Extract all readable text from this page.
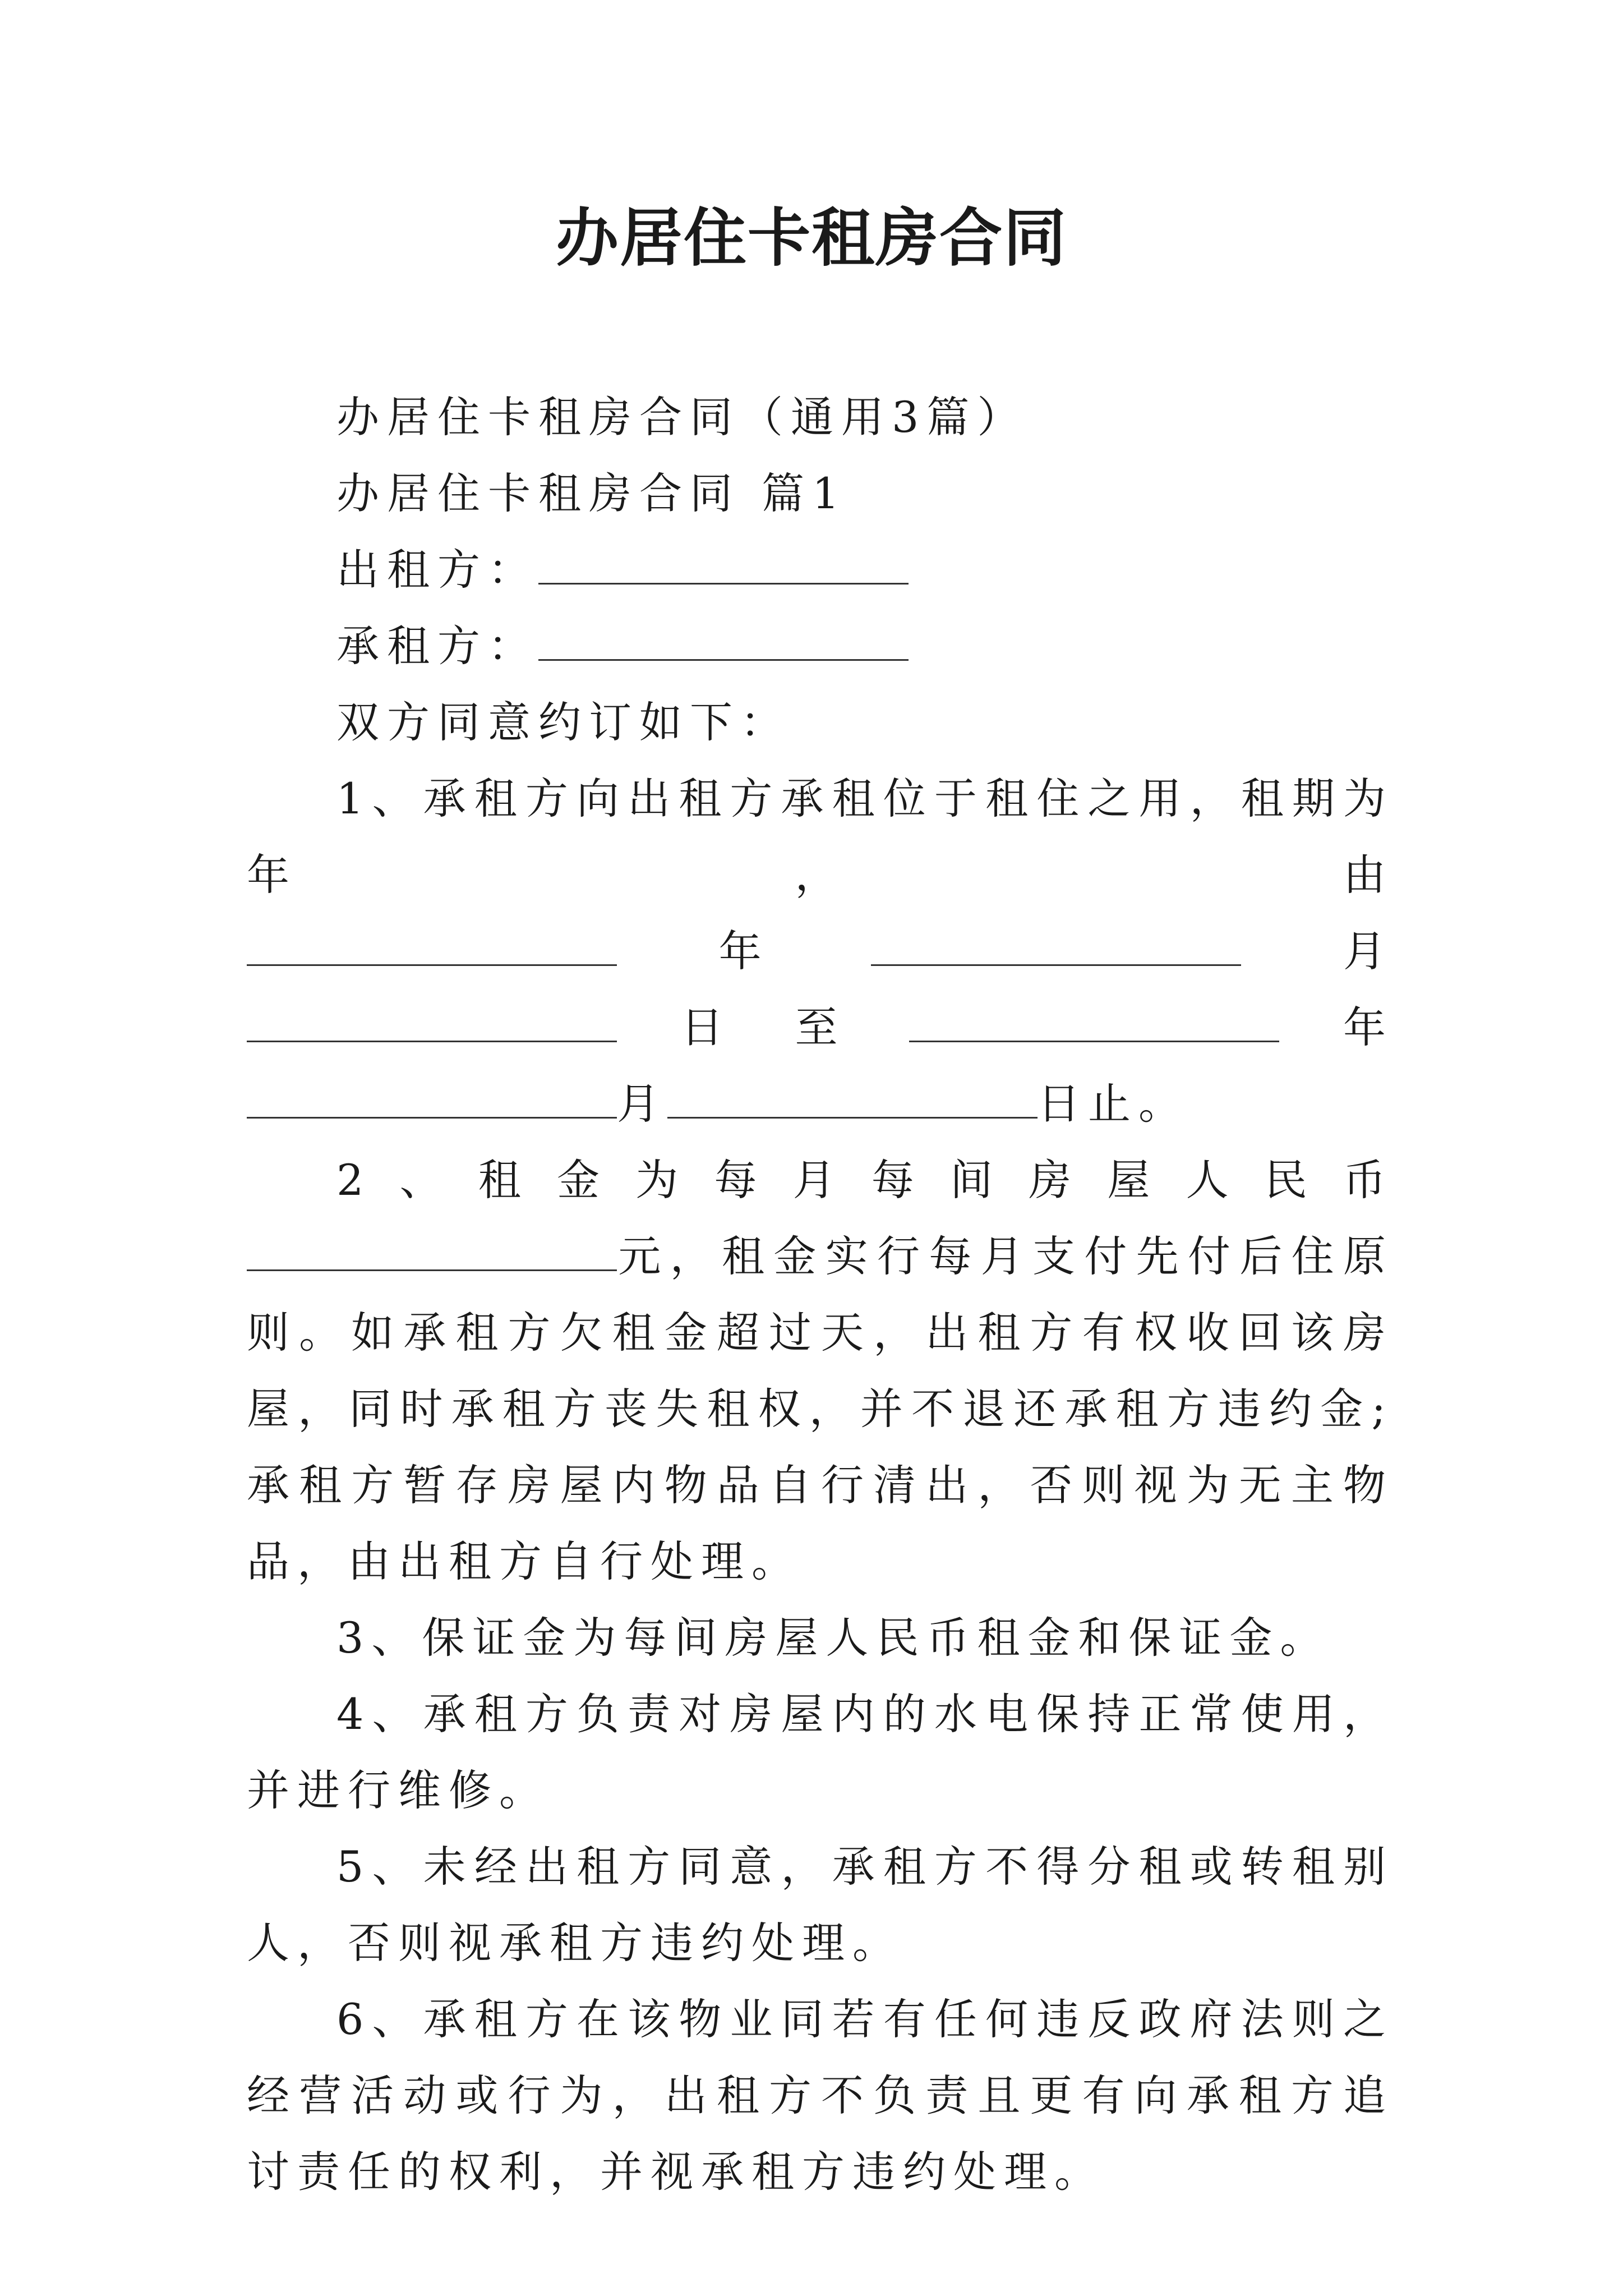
办居住卡租房合同

办居住卡租房合同（通用3篇）

办居住卡租房合同 篇1

出租方：

承租方：

双方同意约订如下：

1、承租方向出租方承租位于租住之用，租期为年，由

年	月
日 至	年

月	日止。

2、租金为每月每间房屋人民币元，租金实行每月支付先付后住原则。如承租方欠租金超过天，出租方有权收回该房屋，同时承租方丧失租权，并不退还承租方违约金;承租方暂存房屋内物品自行清出，否则视为无主物品，由出租方自行处理。

3、保证金为每间房屋人民币租金和保证金。

4、承租方负责对房屋内的水电保持正常使用，并进行维修。

5、未经出租方同意，承租方不得分租或转租别人，否则视承租方违约处理。

6、承租方在该物业同若有任何违反政府法则之经营活动或行为，出租方不负责且更有向承租方追讨责任的权利，并视承租方违约处理。
